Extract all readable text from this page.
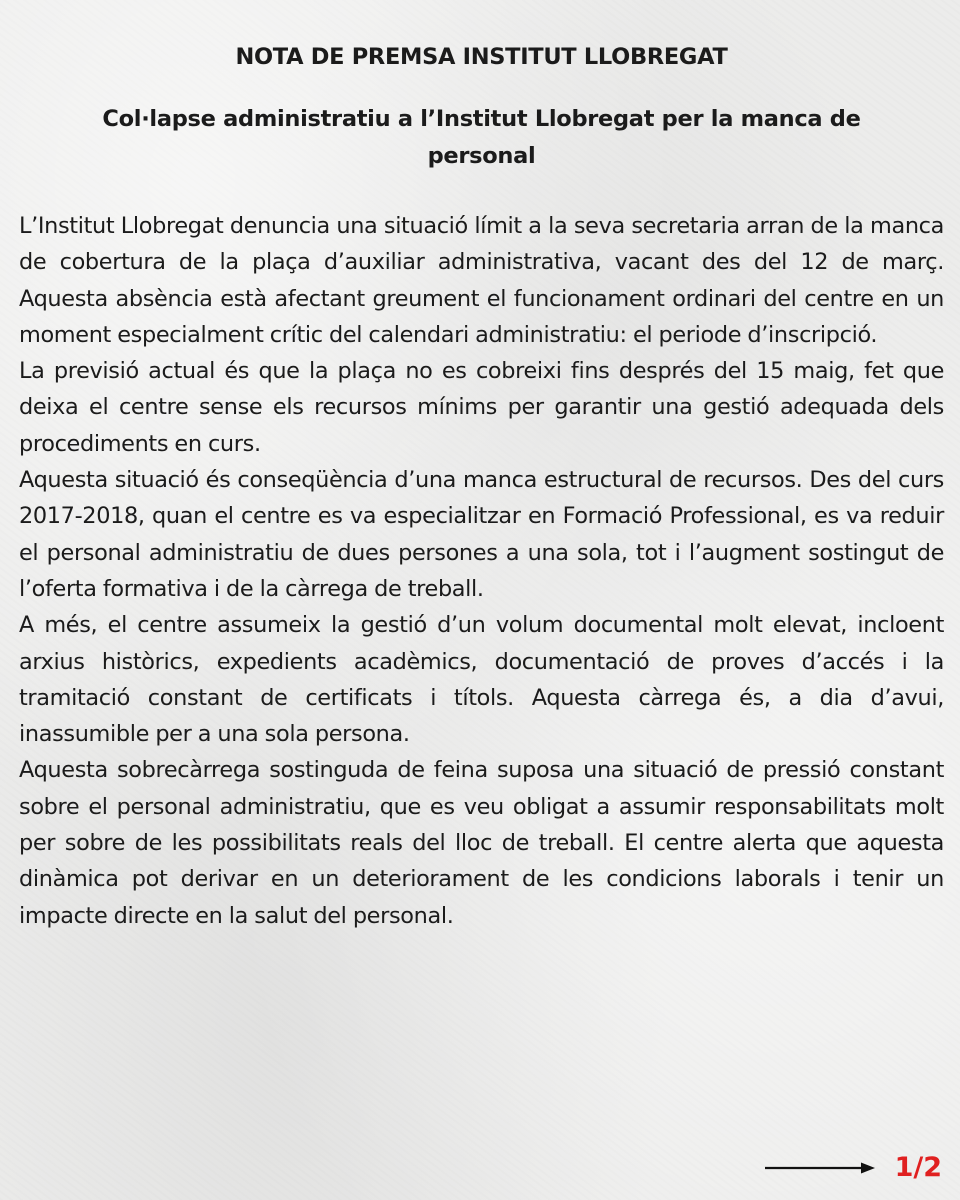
NOTA DE PREMSA INSTITUT LLOBREGAT
Col·lapse administratiu a l’Institut Llobregat per la manca de personal

L’Institut Llobregat denuncia una situació límit a la seva secretaria arran de la manca de cobertura de la plaça d’auxiliar administrativa, vacant des del 12 de març. Aquesta absència està afectant greument el funcionament ordinari del centre en un moment especialment crític del calendari administratiu: el periode d’inscripció.

La previsió actual és que la plaça no es cobreixi fins després del 15 maig, fet que deixa el centre sense els recursos mínims per garantir una gestió adequada dels procediments en curs.

Aquesta situació és conseqüència d’una manca estructural de recursos. Des del curs 2017-2018, quan el centre es va especialitzar en Formació Professional, es va reduir el personal administratiu de dues persones a una sola, tot i l’augment sostingut de l’oferta formativa i de la càrrega de treball.

A més, el centre assumeix la gestió d’un volum documental molt elevat, incloent arxius històrics, expedients acadèmics, documentació de proves d’accés i la tramitació constant de certificats i títols. Aquesta càrrega és, a dia d’avui, inassumible per a una sola persona.

Aquesta sobrecàrrega sostinguda de feina suposa una situació de pressió constant sobre el personal administratiu, que es veu obligat a assumir responsabilitats molt per sobre de les possibilitats reals del lloc de treball. El centre alerta que aquesta dinàmica pot derivar en un deteriorament de les condicions laborals i tenir un impacte directe en la salut del personal.

1/2
